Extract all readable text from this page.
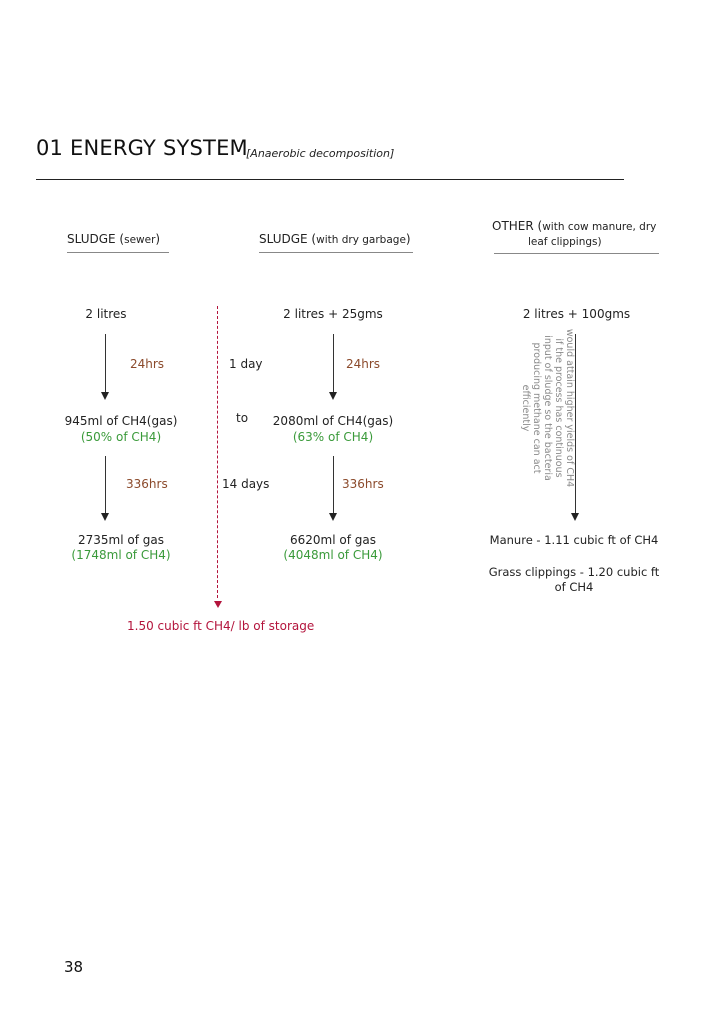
01 ENERGY SYSTEM
[Anaerobic decomposition]
SLUDGE (sewer)	SLUDGE (with dry garbage)
OTHER (with cow manure, dry
leaf clippings)
2 litres
24hrs
945ml of CH4(gas)
(50% of CH4)
336hrs
2735ml of gas
(1748ml of CH4)
1 day
to
14 days
1.50 cubic ft CH4/ lb of storage
2 litres + 25gms
24hrs
2080ml of CH4(gas)
(63% of CH4)
336hrs
6620ml of gas
(4048ml of CH4)
2 litres + 100gms
would attain higher yields of CH4 if the process has continuous input of sludge so the bacteria producing methane can act efficiently
Manure - 1.11 cubic ft of CH4
Grass clippings - 1.20 cubic ft
of CH4
38
